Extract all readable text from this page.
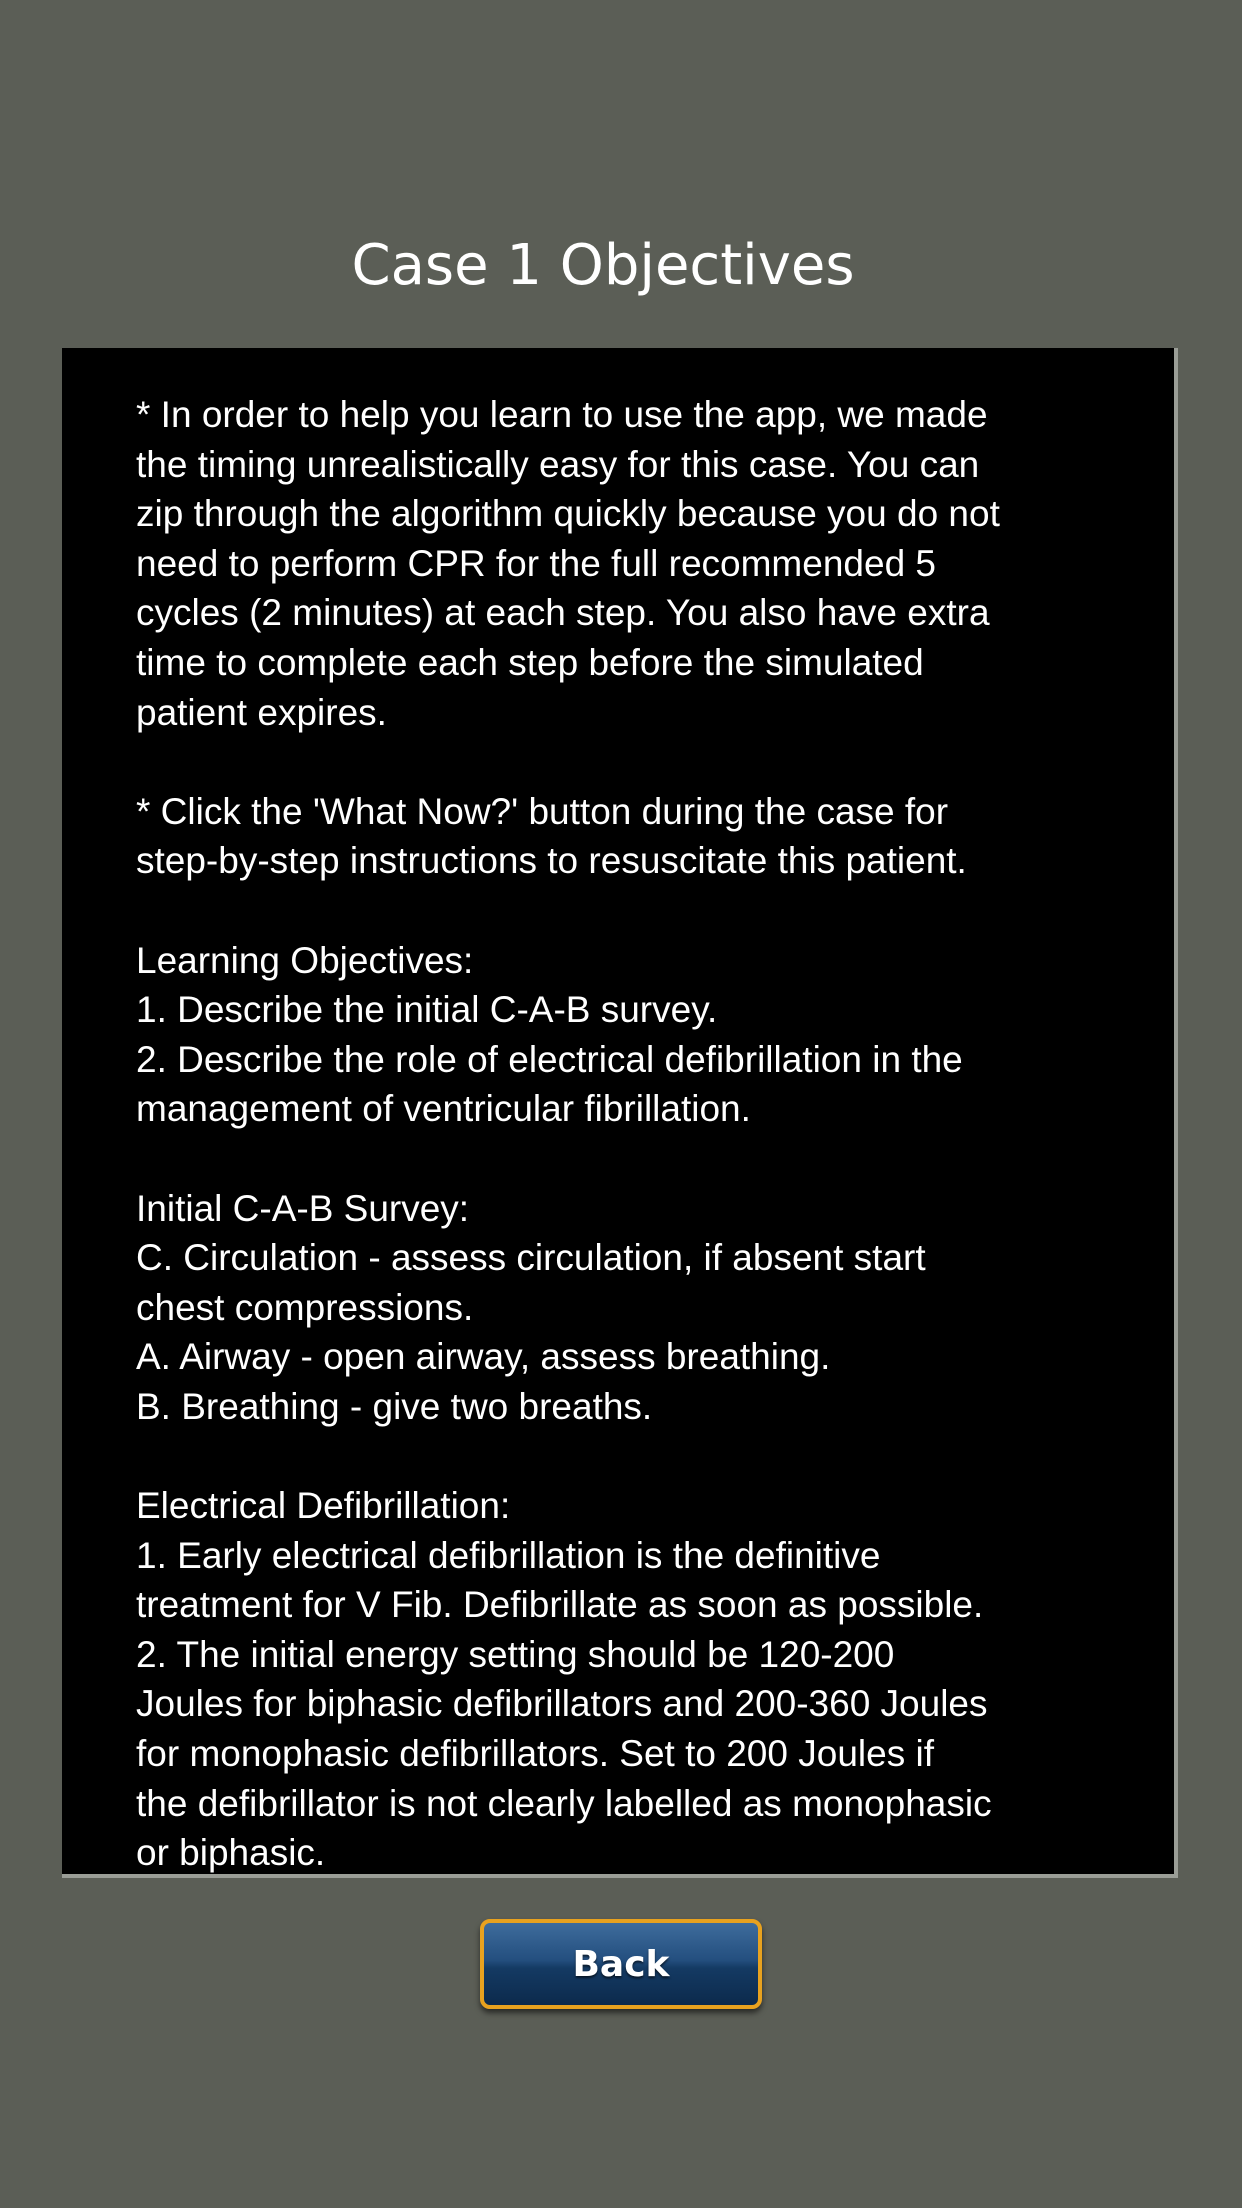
Case 1 Objectives

* In order to help you learn to use the app, we made
the timing unrealistically easy for this case. You can
zip through the algorithm quickly because you do not
need to perform CPR for the full recommended 5
cycles (2 minutes) at each step. You also have extra
time to complete each step before the simulated
patient expires.

* Click the 'What Now?' button during the case for
step-by-step instructions to resuscitate this patient.

Learning Objectives:
1. Describe the initial C-A-B survey.
2. Describe the role of electrical defibrillation in the
management of ventricular fibrillation.

Initial C-A-B Survey:
C. Circulation - assess circulation, if absent start
chest compressions.
A. Airway - open airway, assess breathing.
B. Breathing - give two breaths.

Electrical Defibrillation:
1. Early electrical defibrillation is the definitive
treatment for V Fib. Defibrillate as soon as possible.
2. The initial energy setting should be 120-200
Joules for biphasic defibrillators and 200-360 Joules
for monophasic defibrillators. Set to 200 Joules if
the defibrillator is not clearly labelled as monophasic
or biphasic.

Back
